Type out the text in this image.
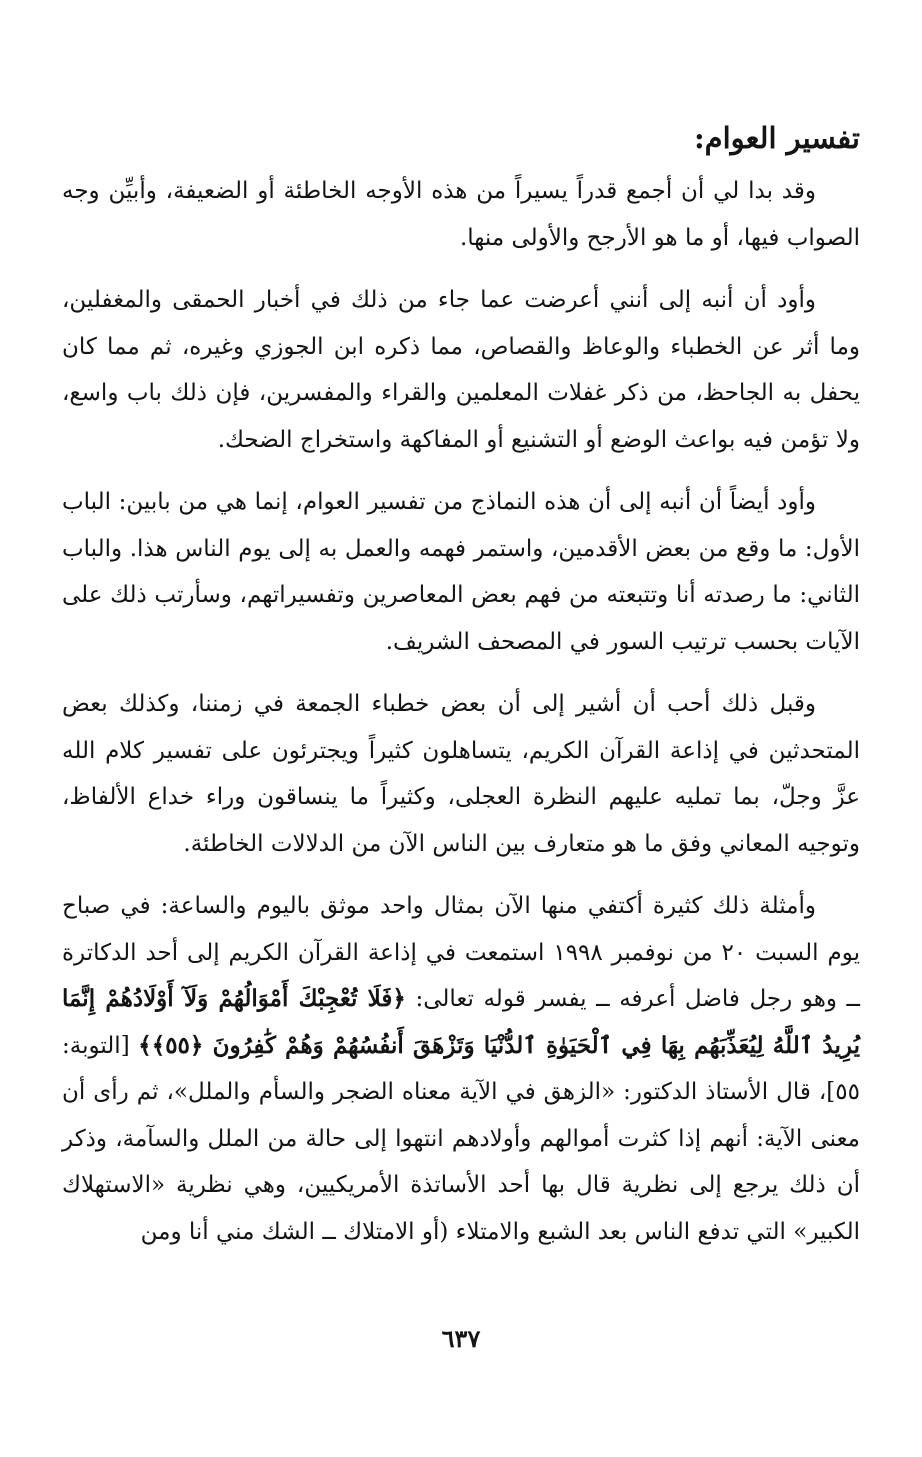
تفسير العوام:

وقد بدا لي أن أجمع قدراً يسيراً من هذه الأوجه الخاطئة أو الضعيفة، وأبيِّن وجه الصواب فيها، أو ما هو الأرجح والأولى منها.

وأود أن أنبه إلى أنني أعرضت عما جاء من ذلك في أخبار الحمقى والمغفلين، وما أثر عن الخطباء والوعاظ والقصاص، مما ذكره ابن الجوزي وغيره، ثم مما كان يحفل به الجاحظ، من ذكر غفلات المعلمين والقراء والمفسرين، فإن ذلك باب واسع، ولا تؤمن فيه بواعث الوضع أو التشنيع أو المفاكهة واستخراج الضحك.

وأود أيضاً أن أنبه إلى أن هذه النماذج من تفسير العوام، إنما هي من بابين: الباب الأول: ما وقع من بعض الأقدمين، واستمر فهمه والعمل به إلى يوم الناس هذا. والباب الثاني: ما رصدته أنا وتتبعته من فهم بعض المعاصرين وتفسيراتهم، وسأرتب ذلك على الآيات بحسب ترتيب السور في المصحف الشريف.

وقبل ذلك أحب أن أشير إلى أن بعض خطباء الجمعة في زمننا، وكذلك بعض المتحدثين في إذاعة القرآن الكريم، يتساهلون كثيراً ويجترئون على تفسير كلام الله عزَّ وجلّ، بما تمليه عليهم النظرة العجلى، وكثيراً ما ينساقون وراء خداع الألفاظ، وتوجيه المعاني وفق ما هو متعارف بين الناس الآن من الدلالات الخاطئة.

وأمثلة ذلك كثيرة أكتفي منها الآن بمثال واحد موثق باليوم والساعة: في صباح يوم السبت ٢٠ من نوفمبر ١٩٩٨ استمعت في إذاعة القرآن الكريم إلى أحد الدكاترة ــ وهو رجل فاضل أعرفه ــ يفسر قوله تعالى: ﴿فَلَا تُعْجِبْكَ أَمْوَالُهُمْ وَلَآ أَوْلَادُهُمْ إِنَّمَا يُرِيدُ ٱللَّهُ لِيُعَذِّبَهُم بِهَا فِي ٱلْحَيَوٰةِ ٱلدُّنْيَا وَتَزْهَقَ أَنفُسُهُمْ وَهُمْ كَٰفِرُونَ ﴿٥٥﴾﴾ [التوبة: ٥٥]، قال الأستاذ الدكتور: «الزهق في الآية معناه الضجر والسأم والملل»، ثم رأى أن معنى الآية: أنهم إذا كثرت أموالهم وأولادهم انتهوا إلى حالة من الملل والسآمة، وذكر أن ذلك يرجع إلى نظرية قال بها أحد الأساتذة الأمريكيين، وهي نظرية «الاستهلاك الكبير» التي تدفع الناس بعد الشبع والامتلاء (أو الامتلاك ــ الشك مني أنا ومن

٦٣٧
